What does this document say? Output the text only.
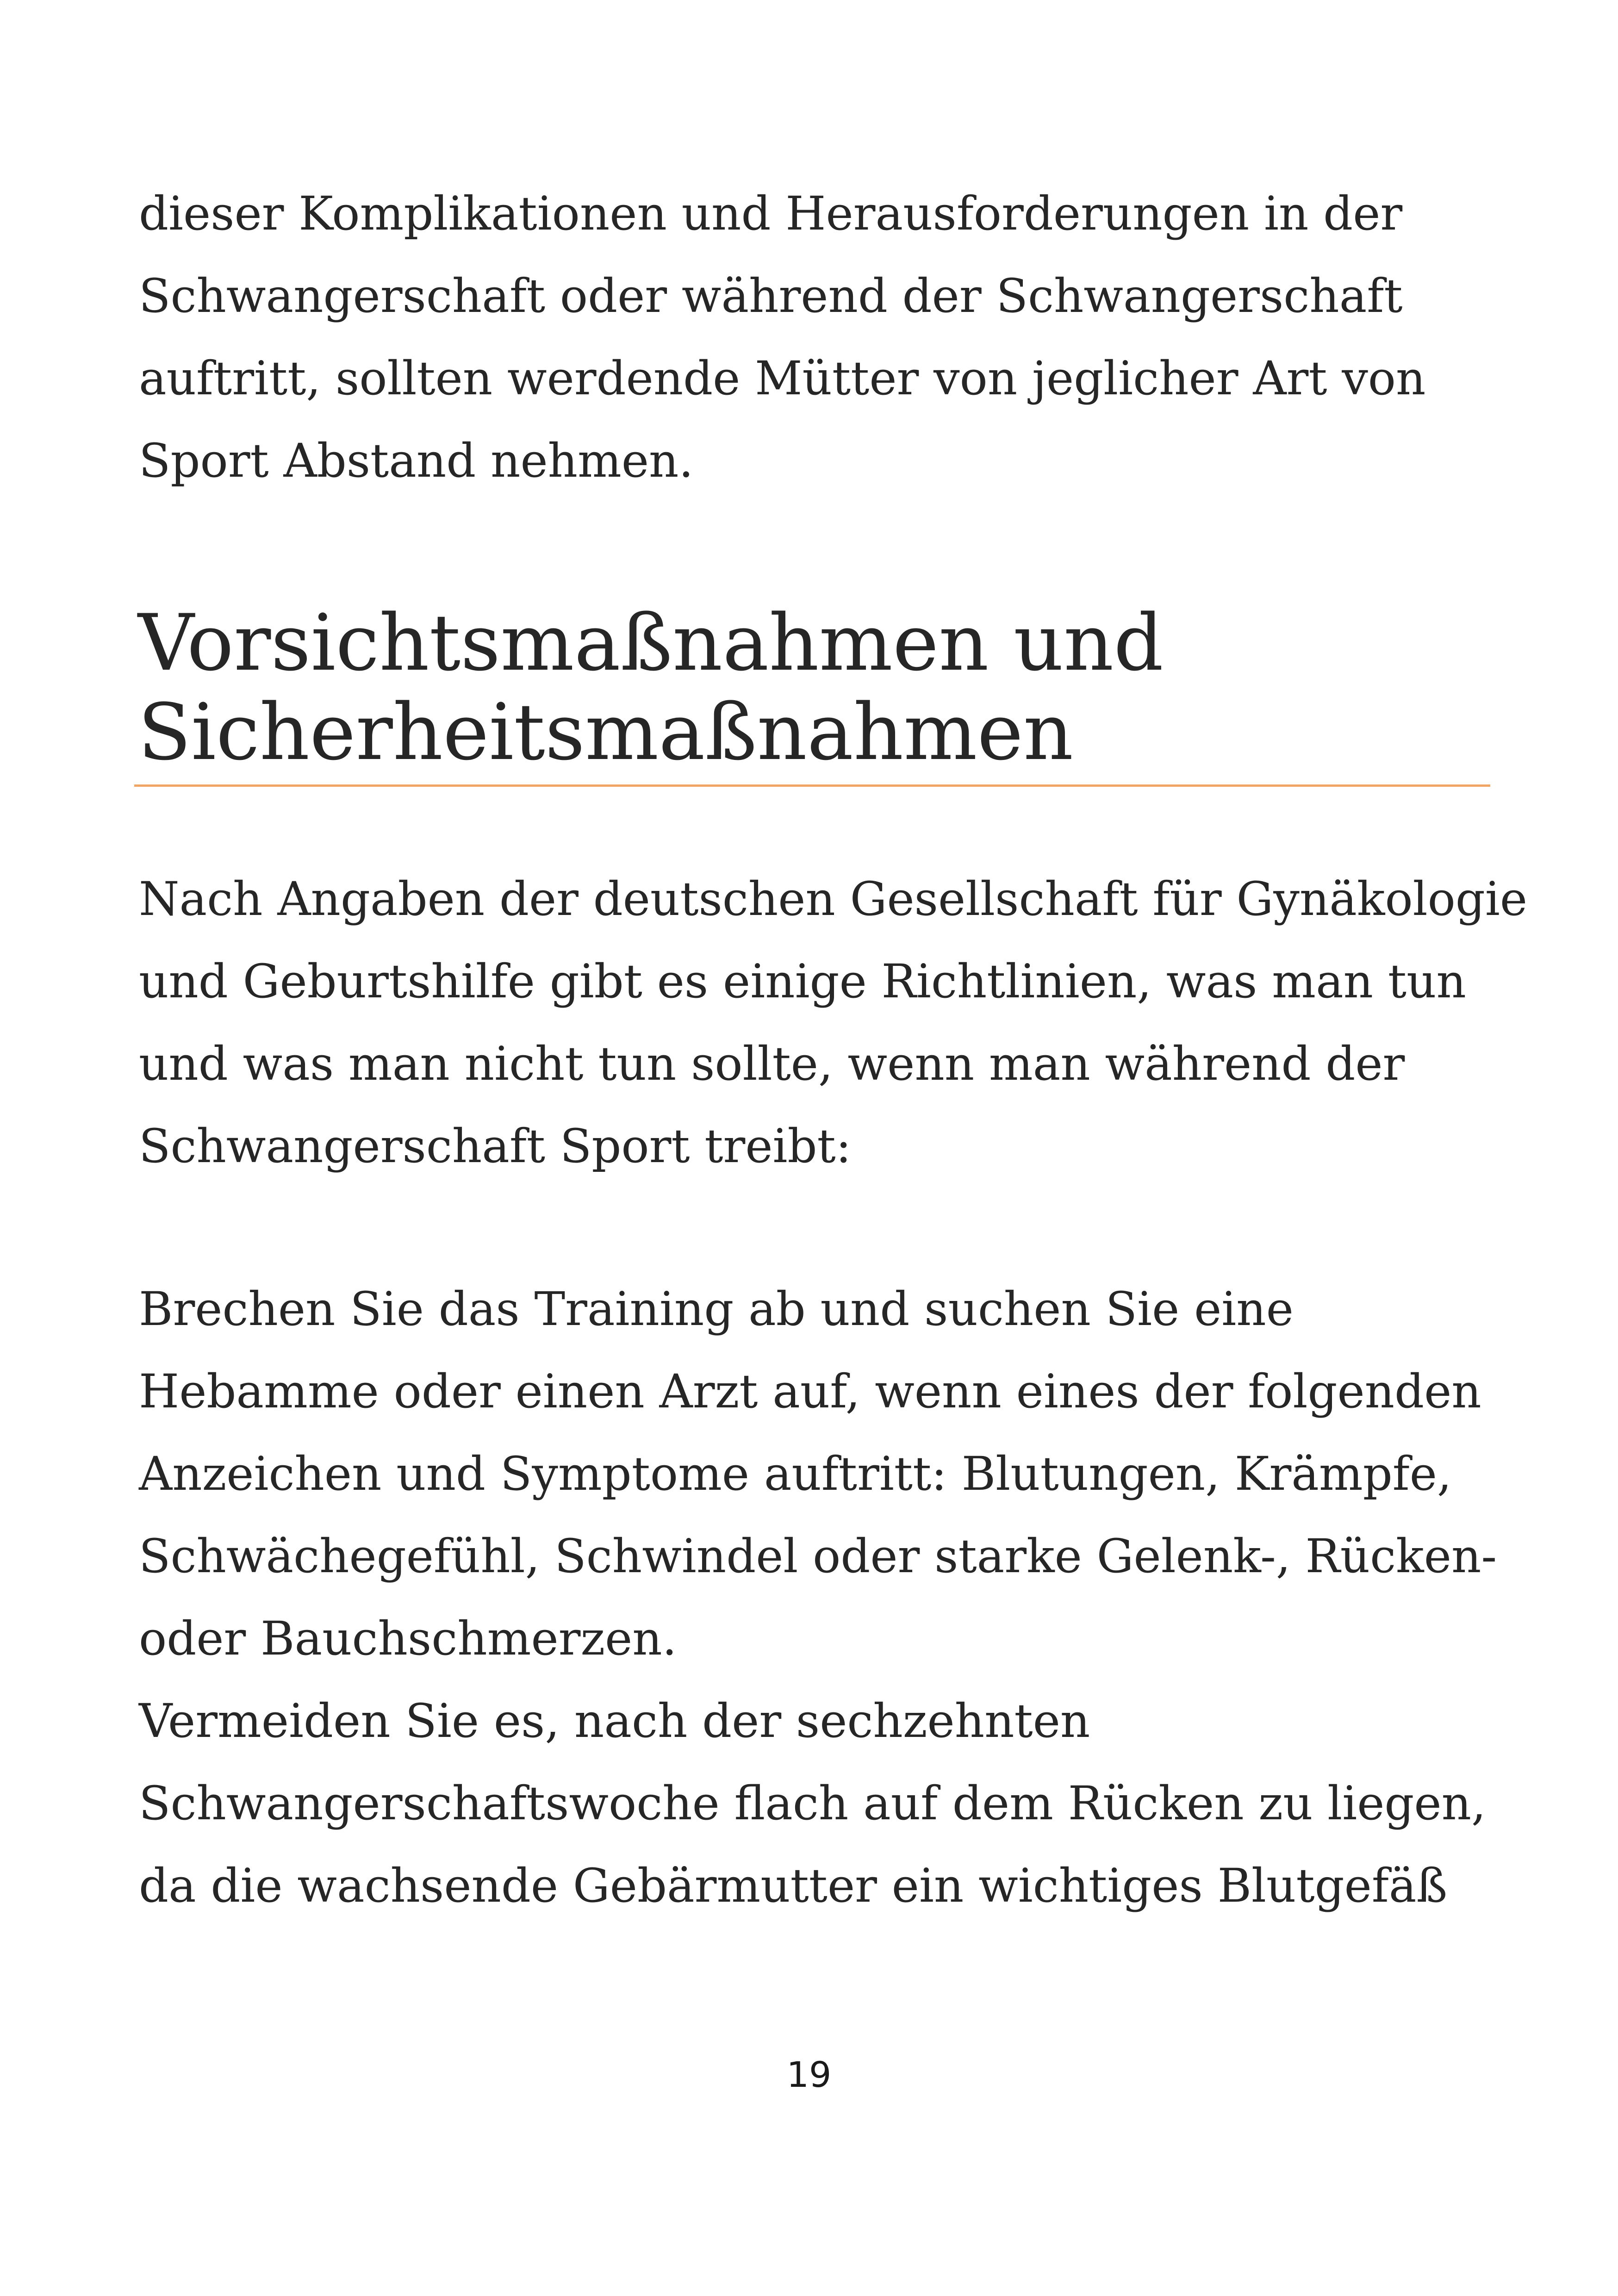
dieser Komplikationen und Herausforderungen in der
Schwangerschaft oder während der Schwangerschaft
auftritt, sollten werdende Mütter von jeglicher Art von
Sport Abstand nehmen.
Vorsichtsmaßnahmen und
Sicherheitsmaßnahmen
Nach Angaben der deutschen Gesellschaft für Gynäkologie
und Geburtshilfe gibt es einige Richtlinien, was man tun
und was man nicht tun sollte, wenn man während der
Schwangerschaft Sport treibt:
Brechen Sie das Training ab und suchen Sie eine
Hebamme oder einen Arzt auf, wenn eines der folgenden
Anzeichen und Symptome auftritt: Blutungen, Krämpfe,
Schwächegefühl, Schwindel oder starke Gelenk-, Rücken-
oder Bauchschmerzen.
Vermeiden Sie es, nach der sechzehnten
Schwangerschaftswoche flach auf dem Rücken zu liegen,
da die wachsende Gebärmutter ein wichtiges Blutgefäß
19
